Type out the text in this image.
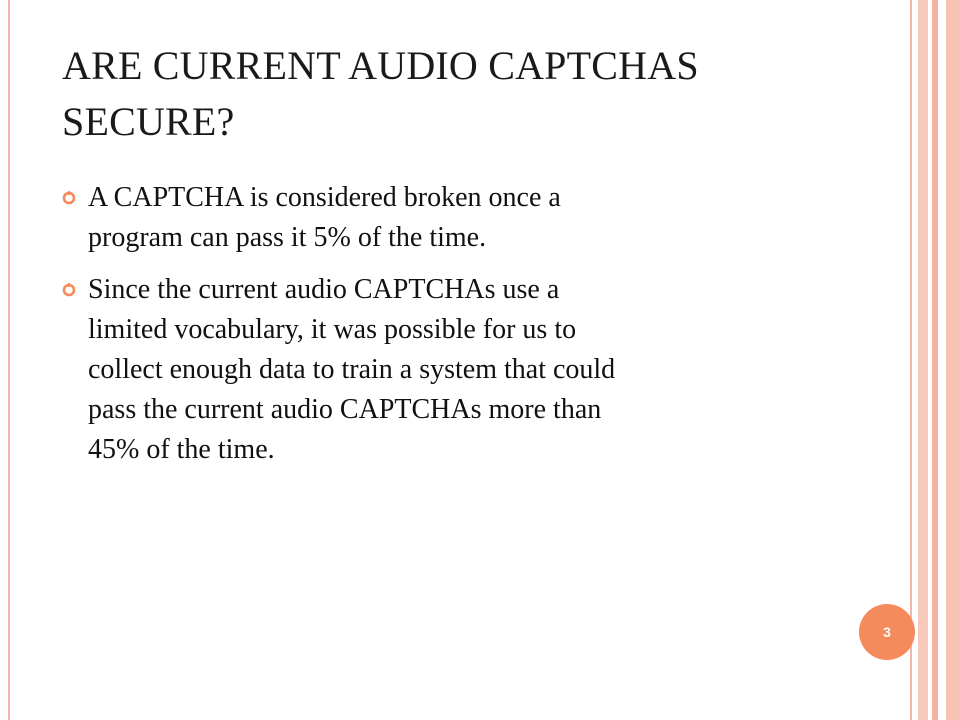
ARE CURRENT AUDIO CAPTCHAS
SECURE?
A CAPTCHA is considered broken once a
program can pass it 5% of the time.
Since the current audio CAPTCHAs use a
limited vocabulary, it was possible for us to
collect enough data to train a system that could
pass the current audio CAPTCHAs more than
45% of the time.
3
